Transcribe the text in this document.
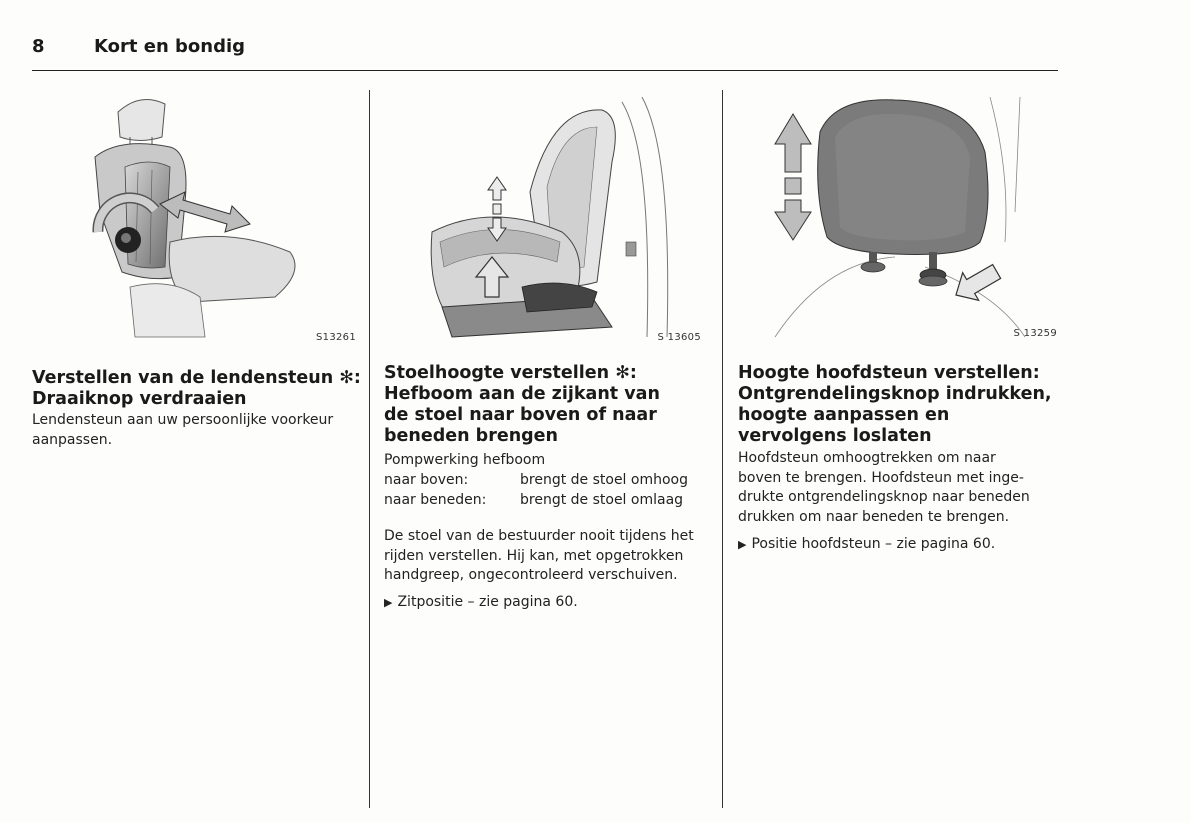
8	Kort en bondig
S13261
Verstellen van de lendensteun ✻:
Draaiknop verdraaien

Lendensteun aan uw persoonlijke voorkeur
aanpassen.

S 13605
Stoelhoogte verstellen ✻:
Hefboom aan de zijkant van
de stoel naar boven of naar
beneden brengen

Pompwerking hefboom

naar boven:	brengt de stoel omhoog
naar beneden: brengt de stoel omlaag

De stoel van de bestuurder nooit tijdens het
rijden verstellen. Hij kan, met opgetrokken
handgreep, ongecontroleerd verschuiven.

▶ Zitpositie – zie pagina 60.
S 13259
Hoogte hoofdsteun verstellen:
Ontgrendelingsknop indrukken,
hoogte aanpassen en
vervolgens loslaten

Hoofdsteun omhoogtrekken om naar
boven te brengen. Hoofdsteun met inge-
drukte ontgrendelingsknop naar beneden
drukken om naar beneden te brengen.

▶ Positie hoofdsteun – zie pagina 60.
